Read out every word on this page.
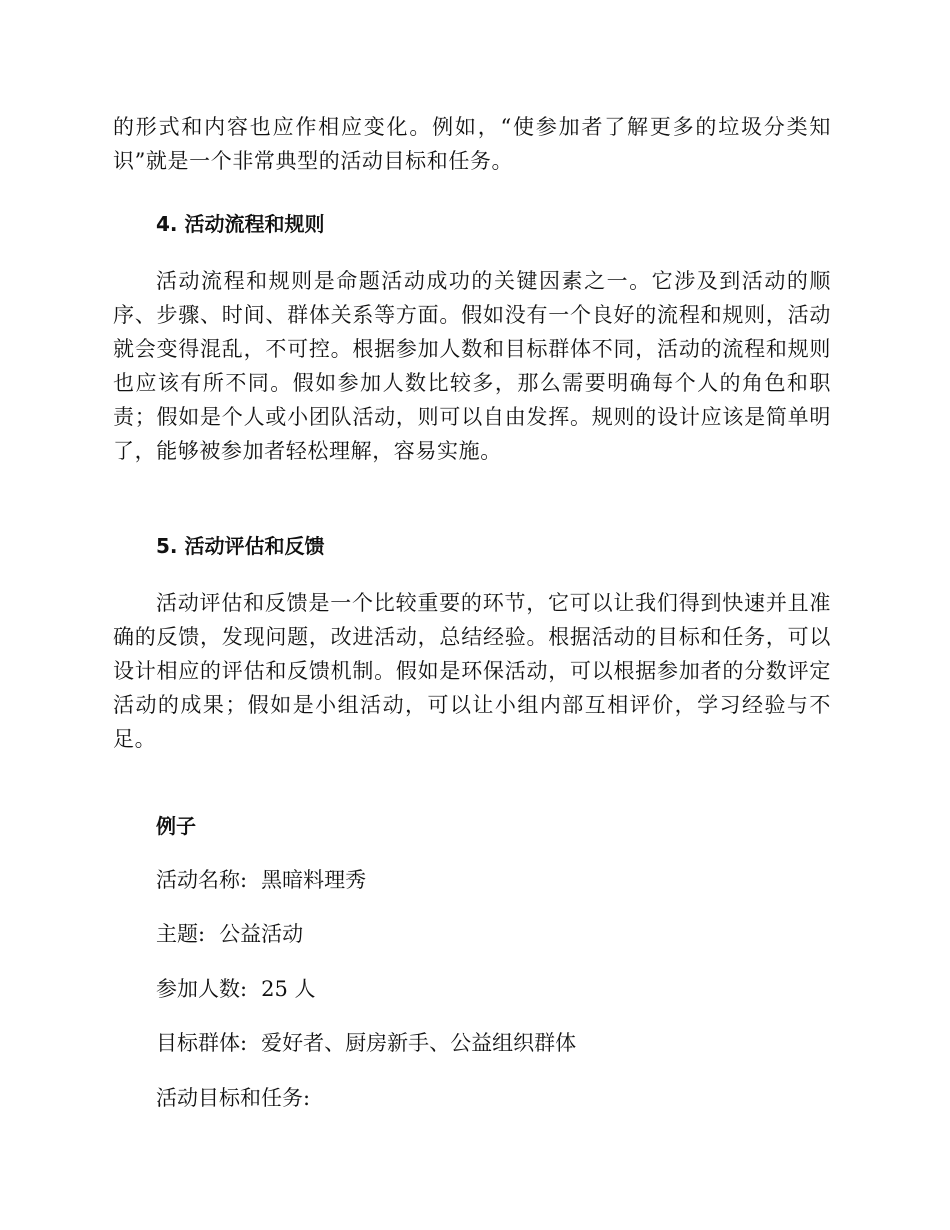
的形式和内容也应作相应变化。例如，“使参加者了解更多的垃圾分类知识”就是一个非常典型的活动目标和任务。

4. 活动流程和规则

活动流程和规则是命题活动成功的关键因素之一。它涉及到活动的顺序、步骤、时间、群体关系等方面。假如没有一个良好的流程和规则，活动就会变得混乱，不可控。根据参加人数和目标群体不同，活动的流程和规则也应该有所不同。假如参加人数比较多，那么需要明确每个人的角色和职责；假如是个人或小团队活动，则可以自由发挥。规则的设计应该是简单明了，能够被参加者轻松理解，容易实施。

5. 活动评估和反馈

活动评估和反馈是一个比较重要的环节，它可以让我们得到快速并且准确的反馈，发现问题，改进活动，总结经验。根据活动的目标和任务，可以设计相应的评估和反馈机制。假如是环保活动，可以根据参加者的分数评定活动的成果；假如是小组活动，可以让小组内部互相评价，学习经验与不足。

例子

活动名称: 黑暗料理秀

主题: 公益活动

参加人数: 25 人

目标群体: 爱好者、厨房新手、公益组织群体

活动目标和任务:
